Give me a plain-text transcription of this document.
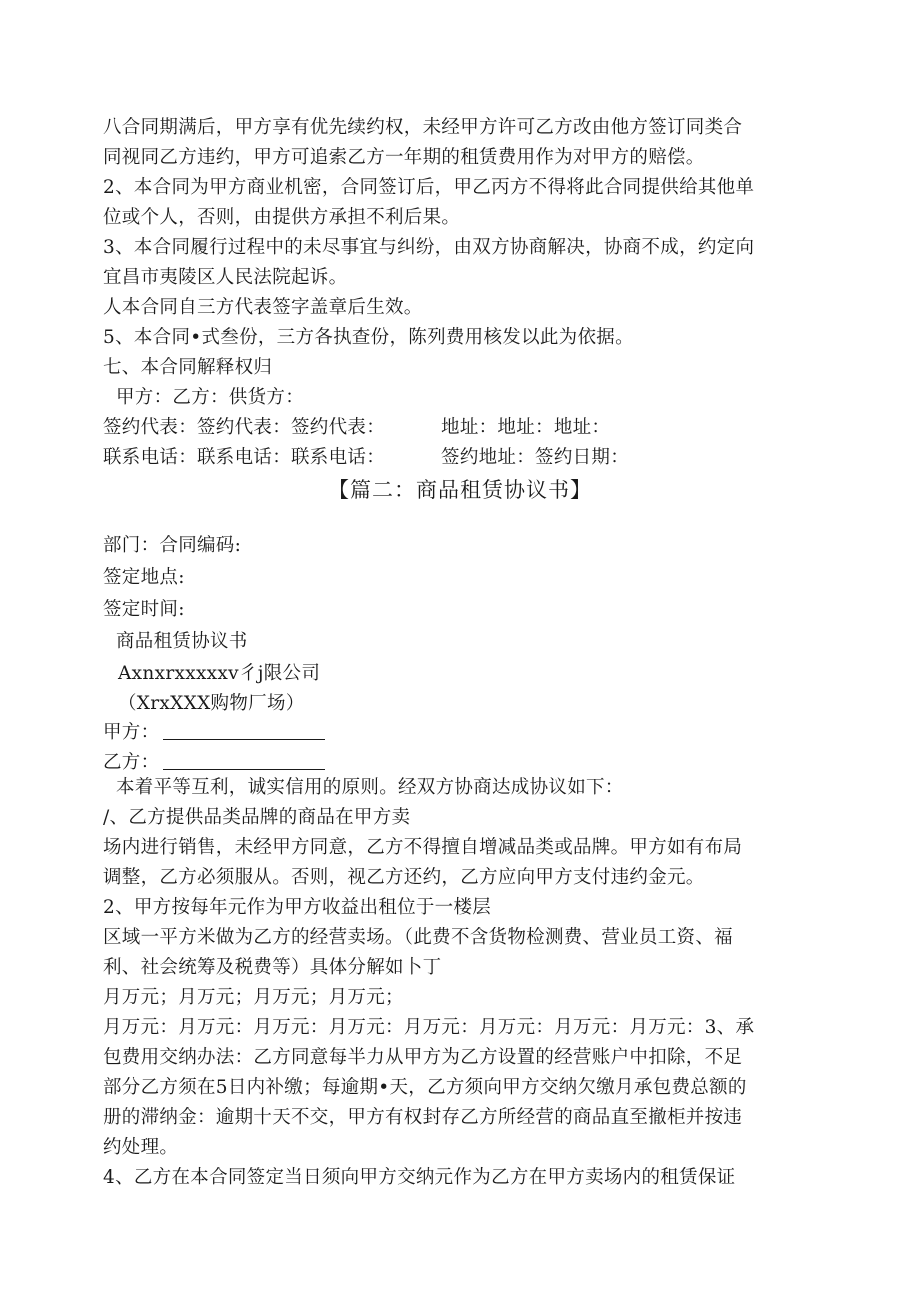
八合同期满后，甲方享有优先续约权，未经甲方许可乙方改由他方签订同类合
同视同乙方违约，甲方可追索乙方一年期的租赁费用作为对甲方的赔偿。
2、本合同为甲方商业机密，合同签订后，甲乙丙方不得将此合同提供给其他单
位或个人，否则，由提供方承担不利后果。
3、本合同履行过程中的未尽事宜与纠纷，由双方协商解决，协商不成，约定向
宜昌市夷陵区人民法院起诉。
人本合同自三方代表签字盖章后生效。
5、本合同•式叁份，三方各执查份，陈列费用核发以此为依据。
七、本合同解释权归
甲方：乙方：供货方：
签约代表：签约代表：签约代表：	地址：地址：地址：
联系电话：联系电话：联系电话：	签约地址：签约日期：
【篇二：商品租赁协议书】
部门：合同编码:
签定地点:
签定时间:
商品租赁协议书
Axnxrxxxxxv彳j限公司
（XrxXXX购物厂场）
甲方：
乙方：
本着平等互利，诚实信用的原则。经双方协商达成协议如下：
/、乙方提供品类品牌的商品在甲方卖
场内进行销售，未经甲方同意，乙方不得擅自增减品类或品牌。甲方如有布局
调整，乙方必须服从。否则，视乙方还约，乙方应向甲方支付违约金元。
2、甲方按每年元作为甲方收益出租位于一楼层
区域一平方米做为乙方的经营卖场。（此费不含货物检测费、营业员工资、福
利、社会统筹及税费等）具体分解如卜丁
月万元；月万元；月万元；月万元；
月万元：月万元：月万元：月万元：月万元：月万元：月万元：月万元：3、承
包费用交纳办法：乙方同意每半力从甲方为乙方设置的经营账户中扣除，不足
部分乙方须在5日内补缴；每逾期•天，乙方须向甲方交纳欠缴月承包费总额的
册的滞纳金：逾期十天不交，甲方有权封存乙方所经营的商品直至撤柜并按违
约处理。
4、乙方在本合同签定当日须向甲方交纳元作为乙方在甲方卖场内的租赁保证
